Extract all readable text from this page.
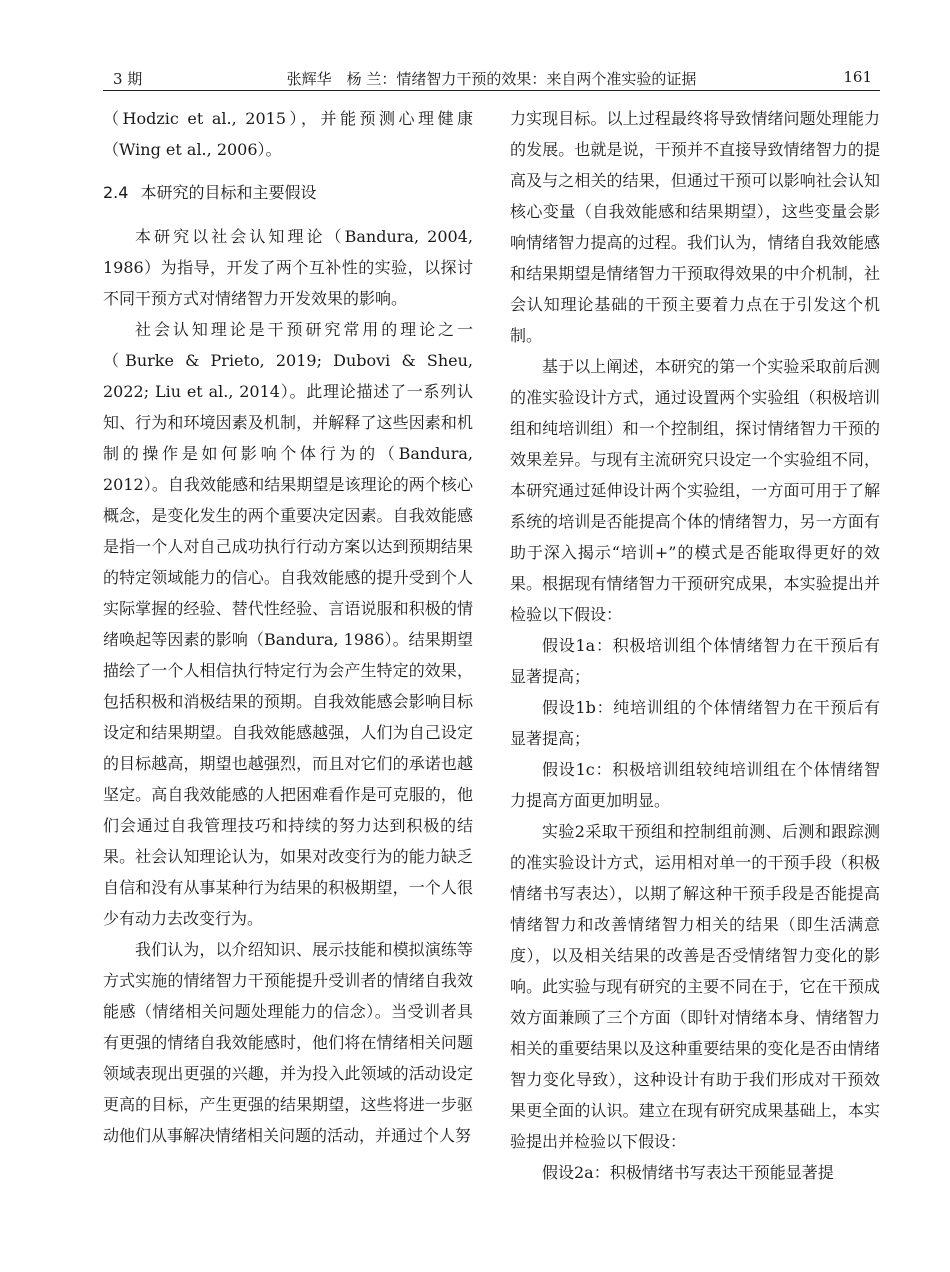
3 期	张辉华　杨 兰：情绪智力干预的效果：来自两个准实验的证据	161

（Hodzic et al., 2015），并能预测心理健康（Wing et al., 2006）。

2.4 本研究的目标和主要假设

本研究以社会认知理论（Bandura, 2004, 1986）为指导，开发了两个互补性的实验，以探讨不同干预方式对情绪智力开发效果的影响。

社会认知理论是干预研究常用的理论之一（Burke & Prieto, 2019; Dubovi & Sheu, 2022; Liu et al., 2014）。此理论描述了一系列认知、行为和环境因素及机制，并解释了这些因素和机制的操作是如何影响个体行为的（Bandura, 2012）。自我效能感和结果期望是该理论的两个核心概念，是变化发生的两个重要决定因素。自我效能感是指一个人对自己成功执行行动方案以达到预期结果的特定领域能力的信心。自我效能感的提升受到个人实际掌握的经验、替代性经验、言语说服和积极的情绪唤起等因素的影响（Bandura, 1986）。结果期望描绘了一个人相信执行特定行为会产生特定的效果，包括积极和消极结果的预期。自我效能感会影响目标设定和结果期望。自我效能感越强，人们为自己设定的目标越高，期望也越强烈，而且对它们的承诺也越坚定。高自我效能感的人把困难看作是可克服的，他们会通过自我管理技巧和持续的努力达到积极的结果。社会认知理论认为，如果对改变行为的能力缺乏自信和没有从事某种行为结果的积极期望，一个人很少有动力去改变行为。

我们认为，以介绍知识、展示技能和模拟演练等方式实施的情绪智力干预能提升受训者的情绪自我效能感（情绪相关问题处理能力的信念）。当受训者具有更强的情绪自我效能感时，他们将在情绪相关问题领域表现出更强的兴趣，并为投入此领域的活动设定更高的目标，产生更强的结果期望，这些将进一步驱动他们从事解决情绪相关问题的活动，并通过个人努

力实现目标。以上过程最终将导致情绪问题处理能力的发展。也就是说，干预并不直接导致情绪智力的提高及与之相关的结果，但通过干预可以影响社会认知核心变量（自我效能感和结果期望），这些变量会影响情绪智力提高的过程。我们认为，情绪自我效能感和结果期望是情绪智力干预取得效果的中介机制，社会认知理论基础的干预主要着力点在于引发这个机制。

基于以上阐述，本研究的第一个实验采取前后测的准实验设计方式，通过设置两个实验组（积极培训组和纯培训组）和一个控制组，探讨情绪智力干预的效果差异。与现有主流研究只设定一个实验组不同，本研究通过延伸设计两个实验组，一方面可用于了解系统的培训是否能提高个体的情绪智力，另一方面有助于深入揭示“培训+”的模式是否能取得更好的效果。根据现有情绪智力干预研究成果，本实验提出并检验以下假设：

假设1a：积极培训组个体情绪智力在干预后有显著提高；

假设1b：纯培训组的个体情绪智力在干预后有显著提高；

假设1c：积极培训组较纯培训组在个体情绪智力提高方面更加明显。

实验2采取干预组和控制组前测、后测和跟踪测的准实验设计方式，运用相对单一的干预手段（积极情绪书写表达），以期了解这种干预手段是否能提高情绪智力和改善情绪智力相关的结果（即生活满意度），以及相关结果的改善是否受情绪智力变化的影响。此实验与现有研究的主要不同在于，它在干预成效方面兼顾了三个方面（即针对情绪本身、情绪智力相关的重要结果以及这种重要结果的变化是否由情绪智力变化导致），这种设计有助于我们形成对干预效果更全面的认识。建立在现有研究成果基础上，本实验提出并检验以下假设：

假设2a：积极情绪书写表达干预能显著提
